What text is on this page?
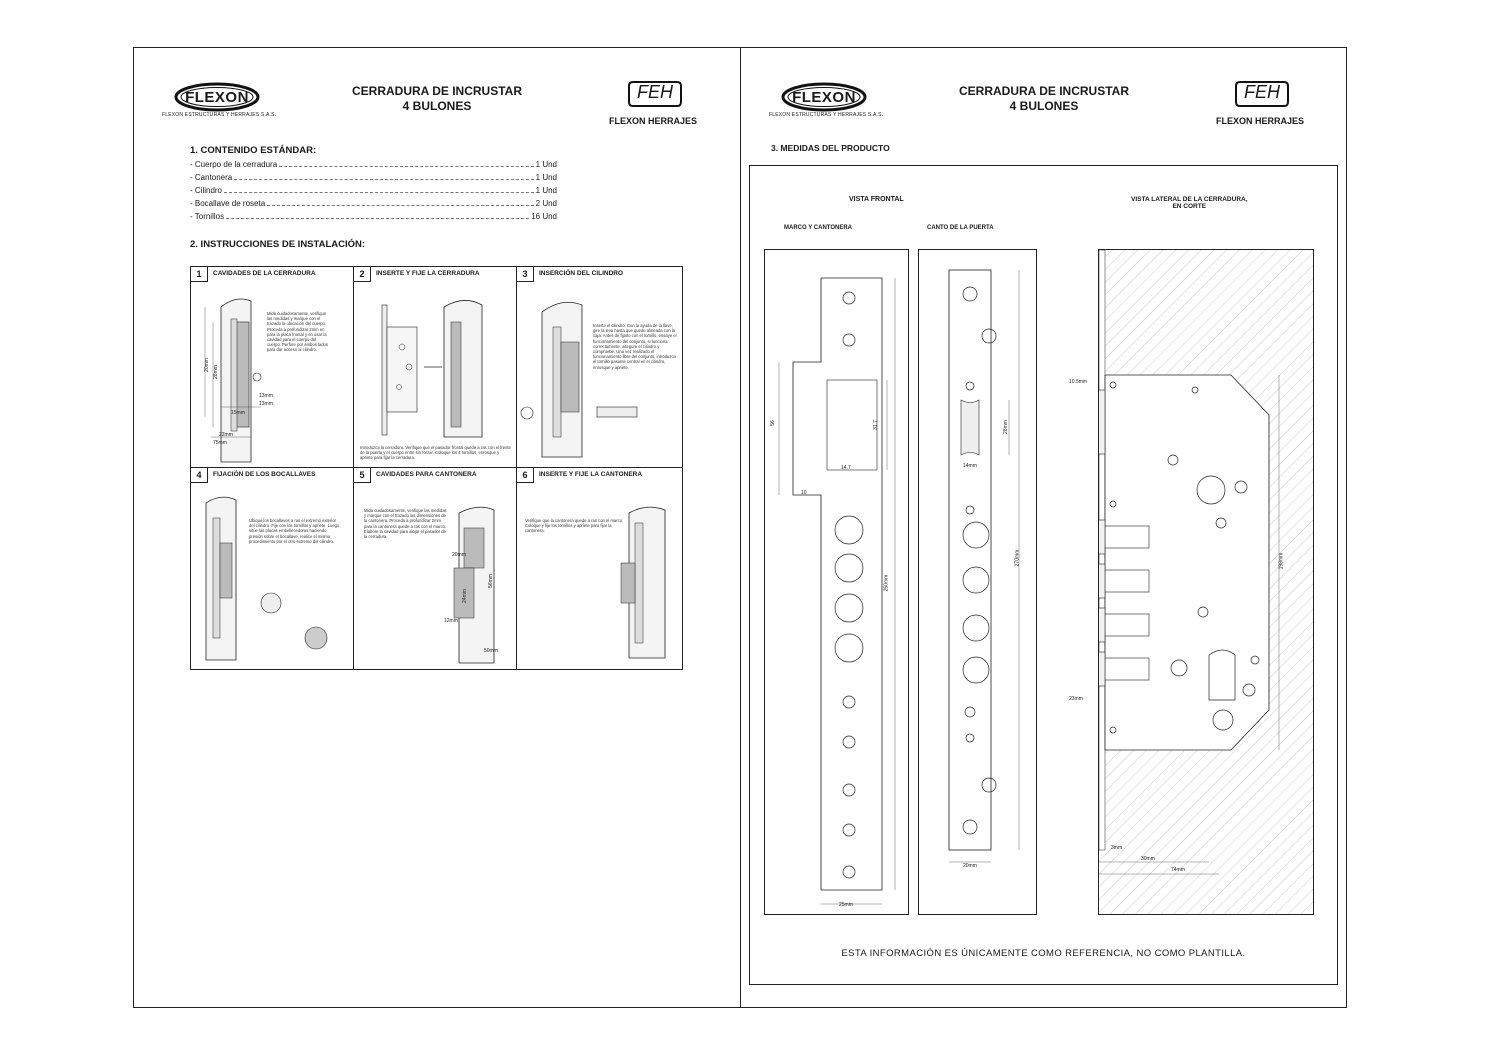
FLEXON
FLEXON ESTRUCTURAS Y HERRAJES S.A.S.
CERRADURA DE INCRUSTAR
4 BULONES
FEH
FLEXON HERRAJES
1. CONTENIDO ESTÁNDAR:
- Cuerpo de la cerradura	1 Und
- Cantonera	1 Und
- Cilindro	1 Und
- Bocallave de roseta	2 Und
- Tornillos	16 Und
2. INSTRUCCIONES DE INSTALACIÓN:
1	CAVIDADES DE LA CERRADURA
20mm
28mm
13mm
13mm
15mm
22mm
75mm
Mida cuidadosamente, verifique las medidas y marque con el trazado la ubicación del cuerpo. Proceda a profundizar 2mm en para la placa frontal y en usar la cavidad para el cuerpo del cuerpo. Perfore por ambos lados para dar acceso al cilindro.
2	INSERTE Y FIJE LA CERRADURA
Introduzca la cerradura. Verifique que el pasador frontal quede a ras con el frente de la puerta y el cuerpo entre sin forzar. Coloque los 4 tornillos, enrosque y apriete para fijar la cerradura.
3	INSERCIÓN DEL CILINDRO
Inserte el cilindro. Con la ayuda de la llave, gire la leva hasta que quede alineada con la caja. Antes de fijarlo con el tornillo, ensaye el funcionamiento del conjunto, si funciona correctamente, asegure el cilindro y compruebe. Una vez realizado el funcionamiento libre del conjunto, introduzca el tornillo pasante central en el cilindro, enrosque y apriete.
4	FIJACIÓN DE LOS BOCALLAVES
Ubique los bocallaves a ras el extremo exterior del cilindro. Fije con los tornillos y apriete. Luego sitúe las placas embellecedoras haciendo presión sobre el bocallave, realice el mismo procedimiento por el otro extremo del cilindro.
5	CAVIDADES PARA CANTONERA
20mm
56mm
24mm
12mm
50mm
Mida cuidadosamente, verifique las medidas y marque con el trazado las dimensiones de la cantonera. Proceda a profundizar 2mm para la cantonera quede a ras con el marco. Elabore la cavidad para alojar el pasador de la cerradura.
6	INSERTE Y FIJE LA CANTONERA
Verifique que la cantonera quede a ras con el marco. Coloque y fije los tornillos y apriete para fijar la cantonera.
FLEXON
FLEXON ESTRUCTURAS Y HERRAJES S.A.S.
CERRADURA DE INCRUSTAR
4 BULONES
FEH
FLEXON HERRAJES
3. MEDIDAS DEL PRODUCTO
VISTA FRONTAL
MARCO Y CANTONERA	CANTO DE LA PUERTA
VISTA LATERAL DE LA CERRADURA,
EN CORTE
56
10
31.7
14.7
250mm
25mm
28mm
14mm
270mm
20mm
10.5mm
23mm
3mm
30mm
74mm
198mm
ESTA INFORMACIÓN ES ÚNICAMENTE COMO REFERENCIA, NO COMO PLANTILLA.
